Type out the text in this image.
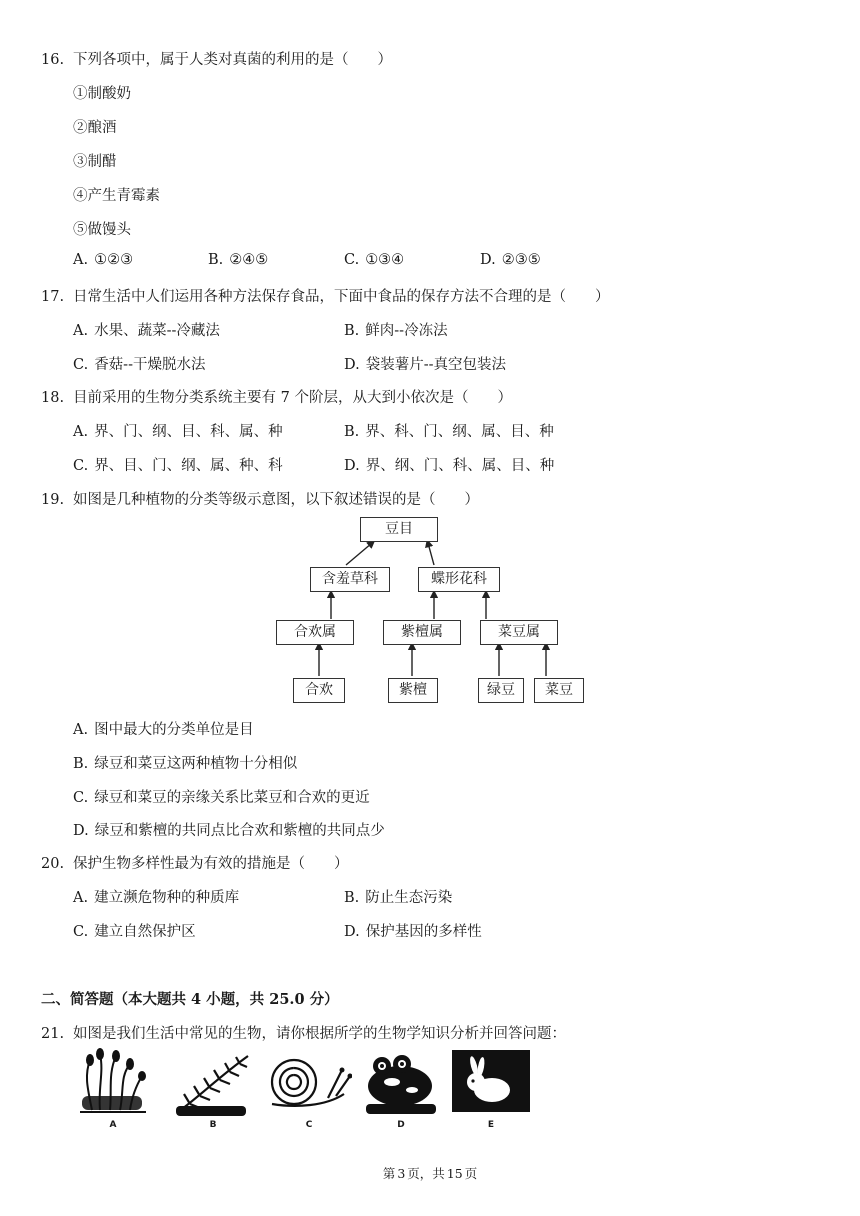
16. 下列各项中，属于人类对真菌的利用的是（　　）
①制酸奶
②酿酒
③制醋
④产生青霉素
⑤做馒头
A. ①②③	B. ②④⑤	C. ①③④	D. ②③⑤
17. 日常生活中人们运用各种方法保存食品，下面中食品的保存方法不合理的是（　　）
A. 水果、蔬菜--冷藏法	B. 鲜肉--冷冻法
C. 香菇--干燥脱水法	D. 袋装薯片--真空包装法
18. 目前采用的生物分类系统主要有 7 个阶层，从大到小依次是（　　）
A. 界、门、纲、目、科、属、种	B. 界、科、门、纲、属、目、种
C. 界、目、门、纲、属、种、科	D. 界、纲、门、科、属、目、种
19. 如图是几种植物的分类等级示意图，以下叙述错误的是（　　）
豆目
含羞草科	蝶形花科
合欢属	紫檀属	菜豆属
合欢	紫檀	绿豆	菜豆
A. 图中最大的分类单位是目
B. 绿豆和菜豆这两种植物十分相似
C. 绿豆和菜豆的亲缘关系比菜豆和合欢的更近
D. 绿豆和紫檀的共同点比合欢和紫檀的共同点少
20. 保护生物多样性最为有效的措施是（　　）
A. 建立濒危物种的种质库	B. 防止生态污染
C. 建立自然保护区	D. 保护基因的多样性
二、简答题（本大题共 4 小题，共 25.0 分）
21. 如图是我们生活中常见的生物，请你根据所学的生物学知识分析并回答问题：
A	B	C	D	E
第 3 页，共 15 页
